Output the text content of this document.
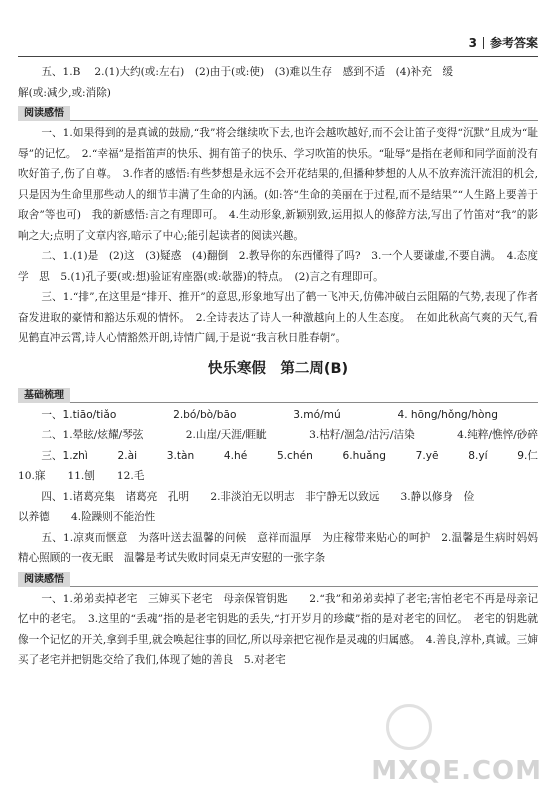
3 参考答案

五、1.B　 2.(1)大约(或:左右)　(2)由于(或:使)　(3)难以生存　感到不适　(4)补充　缓

解(或:减少,或:消除)

阅读感悟

一、1.如果得到的是真诚的鼓励,“我”将会继续吹下去,也许会越吹越好,而不会让笛子变得“沉默”且成为“耻辱”的记忆。　2.“幸福”是指笛声的快乐、拥有笛子的快乐、学习吹笛的快乐。“耻辱”是指在老师和同学面前没有吹好笛子,伤了自尊。　3.作者的感悟:有些梦想是永远不会开花结果的,但播种梦想的人从不放弃流汗流泪的机会,只是因为生命里那些动人的细节丰满了生命的内涵。(如:答“生命的美丽在于过程,而不是结果”“人生路上要善于取舍”等也可)　我的新感悟:言之有理即可。　4.生动形象,新颖别致,运用拟人的修辞方法,写出了竹笛对“我”的影响之大;点明了文章内容,暗示了中心;能引起读者的阅读兴趣。

二、1.(1)是　(2)这　(3)疑惑　(4)翻倒　2.教导你的东西懂得了吗?　3.一个人要谦虚,不要自满。　4.态度　学　思　5.(1)孔子要(或:想)验证宥座器(或:欹器)的特点。　(2)言之有理即可。

三、1.“排”,在这里是“排开、推开”的意思,形象地写出了鹤一飞冲天,仿佛冲破白云阻隔的气势,表现了作者奋发进取的豪情和豁达乐观的情怀。　2.全诗表达了诗人一种激越向上的人生态度。　在如此秋高气爽的天气,看见鹤直冲云霄,诗人心情豁然开朗,诗情广阔,于是说“我言秋日胜春朝”。

快乐寒假　第二周(B)
基础梳理
一、1.tiāo/tiǎo	2.bó/bò/bāo	3.mó/mú	4. hōng/hǒng/hòng
二、1.晕眩/炫耀/琴弦	2.山崖/天涯/睚眦	3.枯籽/涸急/沽污/洁染	4.纯粹/憔悴/砂碎
三、1.zhì	2.ài	3.tàn	4.hé	5.chén	6.huǎng	7.yē	8.yí	9.仁
10.寐 11.刨 12.毛

四、1.诸葛亮集　诸葛亮　孔明　　2.非淡泊无以明志　非宁静无以致远　　3.静以修身　俭

以养德　　4.险躁则不能治性

五、1.凉爽而惬意　为落叶送去温馨的问候　意祥而温厚　为庄稼带来贴心的呵护　2.温馨是生病时妈妈精心照顾的一夜无眠　温馨是考试失败时同桌无声安慰的一张字条

阅读感悟

一、1.弟弟卖掉老宅　三婶买下老宅　母亲保管钥匙　　2.“我”和弟弟卖掉了老宅;害怕老宅不再是母亲记忆中的老宅。　3.这里的“丢魂”指的是老宅钥匙的丢失,“打开岁月的珍藏”指的是对老宅的回忆。　老宅的钥匙就像一个记忆的开关,拿到手里,就会唤起往事的回忆,所以母亲把它视作是灵魂的归属感。　4.善良,淳朴,真诚。三婶买了老宅并把钥匙交给了我们,体现了她的善良　5.对老宅

MXQE.COM
